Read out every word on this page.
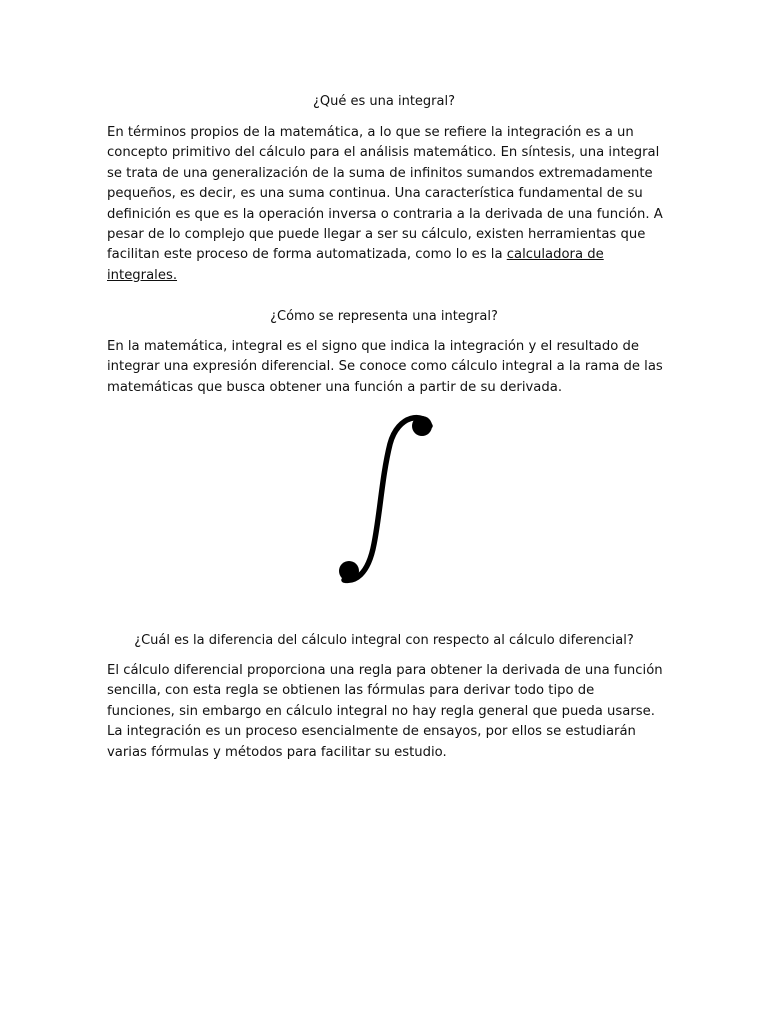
¿Qué es una integral?

En términos propios de la matemática, a lo que se refiere la integración es a un concepto primitivo del cálculo para el análisis matemático. En síntesis, una integral se trata de una generalización de la suma de infinitos sumandos extremadamente pequeños, es decir, es una suma continua. Una característica fundamental de su definición es que es la operación inversa o contraria a la derivada de una función. A pesar de lo complejo que puede llegar a ser su cálculo, existen herramientas que facilitan este proceso de forma automatizada, como lo es la calculadora de integrales.

¿Cómo se representa una integral?

En la matemática, integral es el signo que indica la integración y el resultado de integrar una expresión diferencial. Se conoce como cálculo integral a la rama de las matemáticas que busca obtener una función a partir de su derivada.

¿Cuál es la diferencia del cálculo integral con respecto al cálculo diferencial?

El cálculo diferencial proporciona una regla para obtener la derivada de una función sencilla, con esta regla se obtienen las fórmulas para derivar todo tipo de funciones, sin embargo en cálculo integral no hay regla general que pueda usarse. La integración es un proceso esencialmente de ensayos, por ellos se estudiarán varias fórmulas y métodos para facilitar su estudio.
